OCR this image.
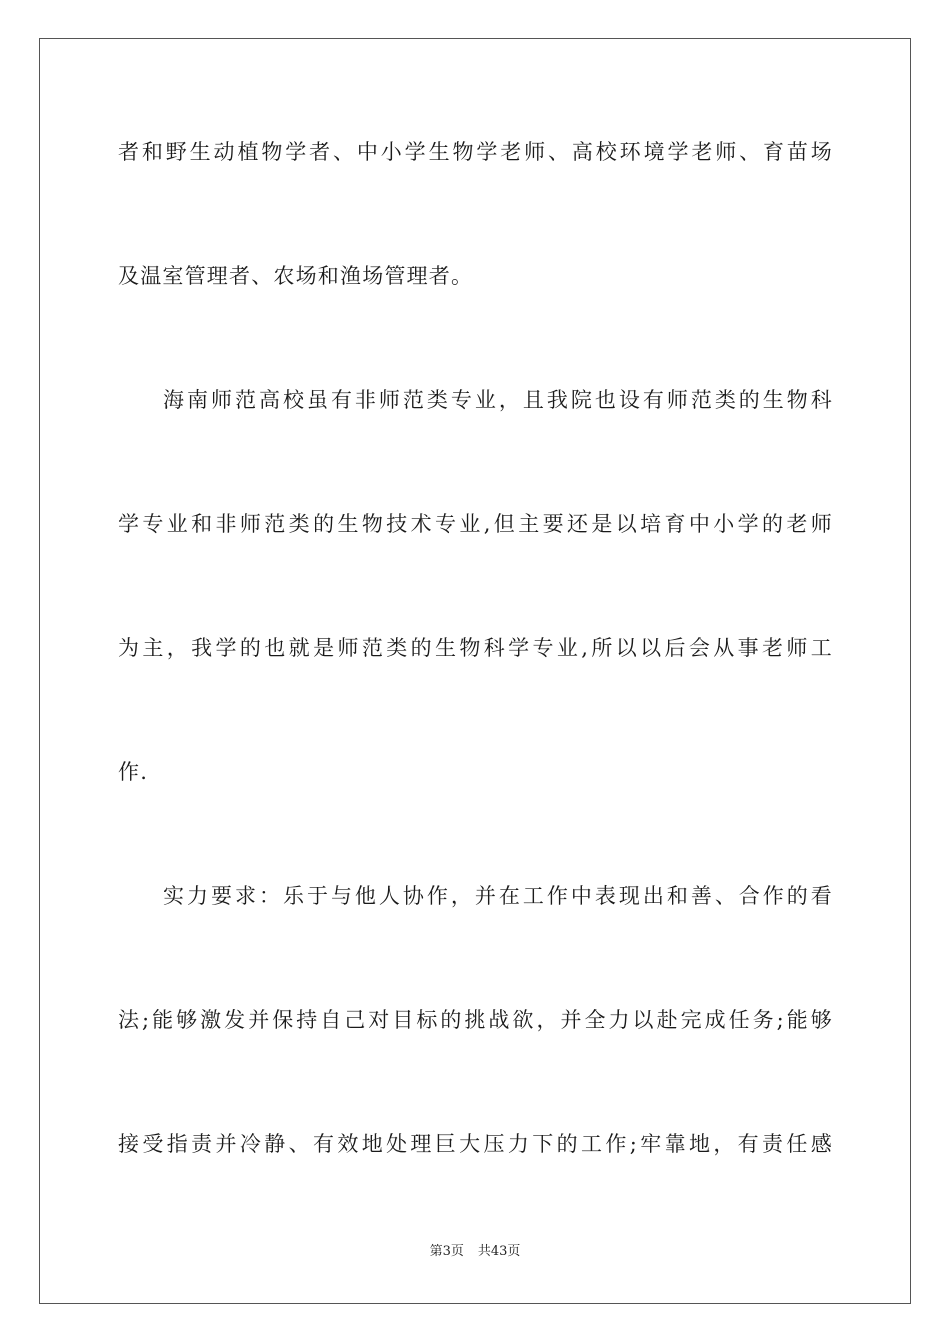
者和野生动植物学者、中小学生物学老师、高校环境学老师、育苗场
及温室管理者、农场和渔场管理者。
海南师范高校虽有非师范类专业，且我院也设有师范类的生物科
学专业和非师范类的生物技术专业,但主要还是以培育中小学的老师
为主，我学的也就是师范类的生物科学专业,所以以后会从事老师工
作.
实力要求：乐于与他人协作，并在工作中表现出和善、合作的看
法;能够激发并保持自己对目标的挑战欲，并全力以赴完成任务;能够
接受指责并冷静、有效地处理巨大压力下的工作;牢靠地，有责任感
第3页 共43页
